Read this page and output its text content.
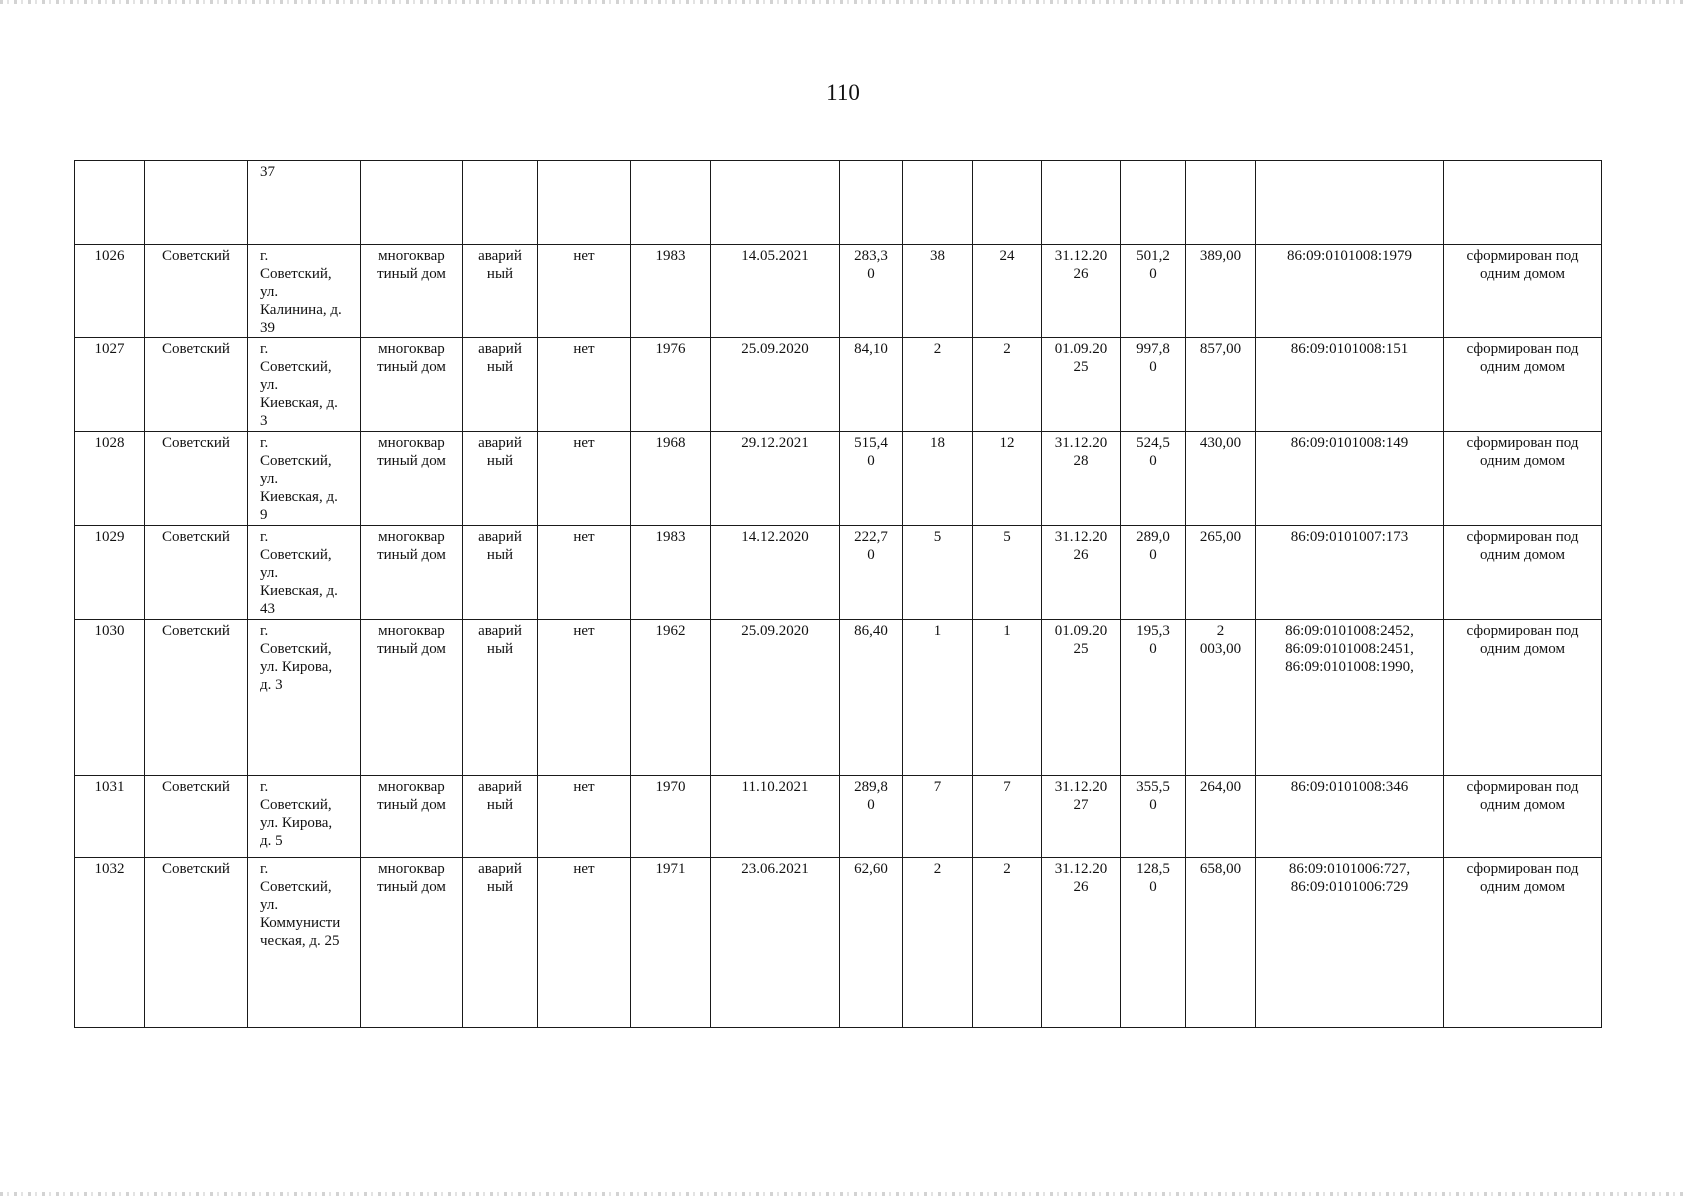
110
		37													
1026	Советский	г.
Советский,
ул.
Калинина, д.
39	многоквар
тиный дом	аварий
ный	нет	1983	14.05.2021	283,3
0	38	24	31.12.20
26	501,2
0	389,00	86:09:0101008:1979	сформирован под
одним домом
1027	Советский	г.
Советский,
ул.
Киевская, д.
3	многоквар
тиный дом	аварий
ный	нет	1976	25.09.2020	84,10	2	2	01.09.20
25	997,8
0	857,00	86:09:0101008:151	сформирован под
одним домом
1028	Советский	г.
Советский,
ул.
Киевская, д.
9	многоквар
тиный дом	аварий
ный	нет	1968	29.12.2021	515,4
0	18	12	31.12.20
28	524,5
0	430,00	86:09:0101008:149	сформирован под
одним домом
1029	Советский	г.
Советский,
ул.
Киевская, д.
43	многоквар
тиный дом	аварий
ный	нет	1983	14.12.2020	222,7
0	5	5	31.12.20
26	289,0
0	265,00	86:09:0101007:173	сформирован под
одним домом
1030	Советский	г.
Советский,
ул. Кирова,
д. 3	многоквар
тиный дом	аварий
ный	нет	1962	25.09.2020	86,40	1	1	01.09.20
25	195,3
0	2
003,00	86:09:0101008:2452,
86:09:0101008:2451,
86:09:0101008:1990,	сформирован под
одним домом
1031	Советский	г.
Советский,
ул. Кирова,
д. 5	многоквар
тиный дом	аварий
ный	нет	1970	11.10.2021	289,8
0	7	7	31.12.20
27	355,5
0	264,00	86:09:0101008:346	сформирован под
одним домом
1032	Советский	г.
Советский,
ул.
Коммунисти
ческая, д. 25	многоквар
тиный дом	аварий
ный	нет	1971	23.06.2021	62,60	2	2	31.12.20
26	128,5
0	658,00	86:09:0101006:727,
86:09:0101006:729	сформирован под
одним домом
